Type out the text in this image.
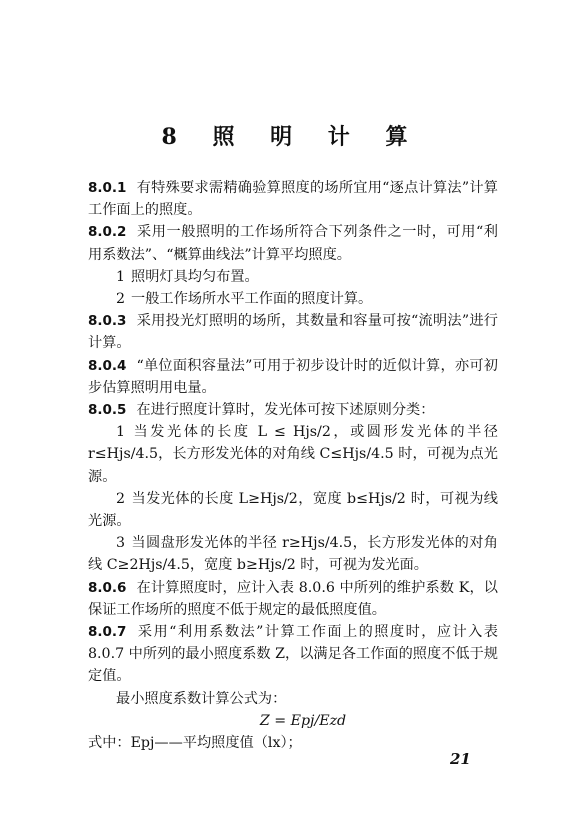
8 照 明 计 算

8.0.1 有特殊要求需精确验算照度的场所宜用“逐点计算法”计算工作面上的照度。

8.0.2 采用一般照明的工作场所符合下列条件之一时，可用“利用系数法”、“概算曲线法”计算平均照度。

1 照明灯具均匀布置。

2 一般工作场所水平工作面的照度计算。

8.0.3 采用投光灯照明的场所，其数量和容量可按“流明法”进行计算。

8.0.4 “单位面积容量法”可用于初步设计时的近似计算，亦可初步估算照明用电量。

8.0.5 在进行照度计算时，发光体可按下述原则分类：

1 当发光体的长度 L ≤ Hjs/2，或圆形发光体的半径 r≤Hjs/4.5，长方形发光体的对角线 C≤Hjs/4.5 时，可视为点光源。

2 当发光体的长度 L≥Hjs/2，宽度 b≤Hjs/2 时，可视为线光源。

3 当圆盘形发光体的半径 r≥Hjs/4.5，长方形发光体的对角线 C≥2Hjs/4.5，宽度 b≥Hjs/2 时，可视为发光面。

8.0.6 在计算照度时，应计入表 8.0.6 中所列的维护系数 K，以保证工作场所的照度不低于规定的最低照度值。

8.0.7 采用“利用系数法”计算工作面上的照度时，应计入表 8.0.7 中所列的最小照度系数 Z，以满足各工作面的照度不低于规定值。

最小照度系数计算公式为：

Z = Epj/Ezd

式中：Epj——平均照度值（lx）；

21
